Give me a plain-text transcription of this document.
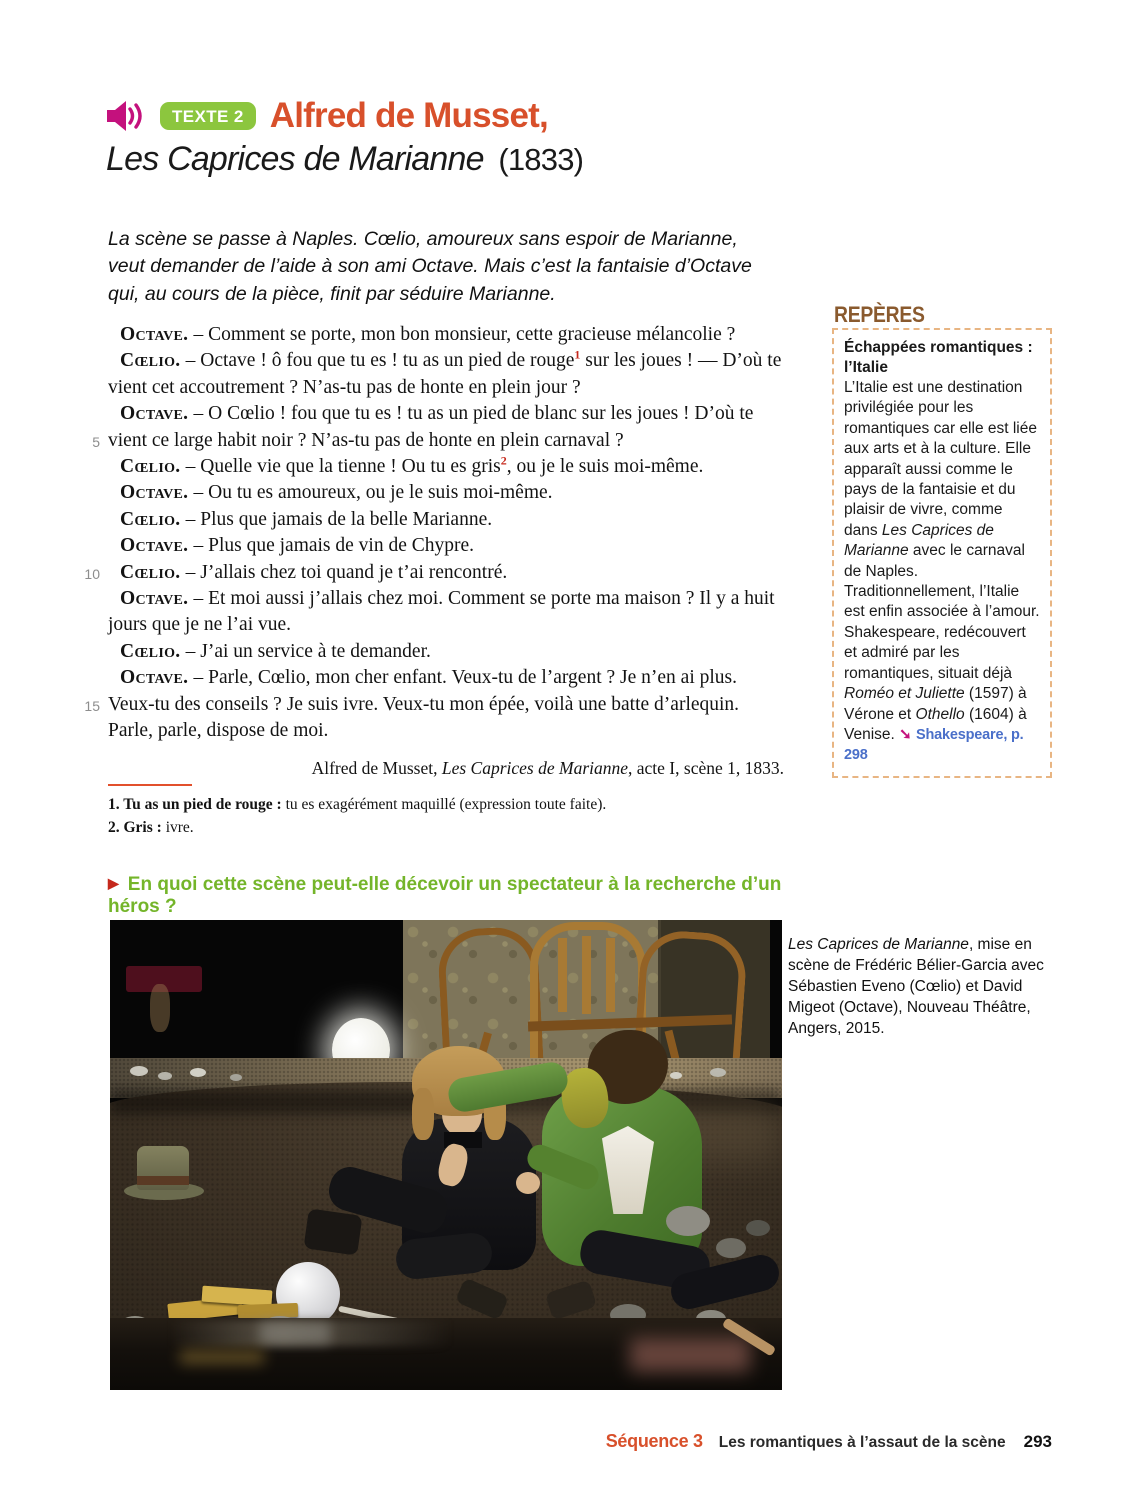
TEXTE 2 Alfred de Musset,
Les Caprices de Marianne (1833)

La scène se passe à Naples. Cœlio, amoureux sans espoir de Marianne, veut demander de l’aide à son ami Octave. Mais c’est la fantaisie d’Octave qui, au cours de la pièce, finit par séduire Marianne.

Octave. – Comment se porte, mon bon monsieur, cette gracieuse mélancolie ?

Cœlio. – Octave ! ô fou que tu es ! tu as un pied de rouge$^1$ sur les joues ! — D’où te vient cet accoutrement ? N’as-tu pas de honte en plein jour ?

Octave. – O Cœlio ! fou que tu es ! tu as un pied de blanc sur les joues ! D’où te vient ce large habit noir ? N’as-tu pas de honte en plein carnaval ?

Cœlio. – Quelle vie que la tienne ! Ou tu es gris$^2$, ou je le suis moi-même.

Octave. – Ou tu es amoureux, ou je le suis moi-même.

Cœlio. – Plus que jamais de la belle Marianne.

Octave. – Plus que jamais de vin de Chypre.

Cœlio. – J’allais chez toi quand je t’ai rencontré.

Octave. – Et moi aussi j’allais chez moi. Comment se porte ma maison ? Il y a huit jours que je ne l’ai vue.

Cœlio. – J’ai un service à te demander.

Octave. – Parle, Cœlio, mon cher enfant. Veux-tu de l’argent ? Je n’en ai plus. Veux-tu des conseils ? Je suis ivre. Veux-tu mon épée, voilà une batte d’arlequin. Parle, parle, dispose de moi.

5
10
15

Alfred de Musset, Les Caprices de Marianne, acte I, scène 1, 1833.

1. Tu as un pied de rouge : tu es exagérément maquillé (expression toute faite).

2. Gris : ivre.

▶ En quoi cette scène peut-elle décevoir un spectateur à la recherche d’un héros ?

REPÈRES

Échappées romantiques : l’Italie

L’Italie est une destination privilégiée pour les romantiques car elle est liée aux arts et à la culture. Elle apparaît aussi comme le pays de la fantaisie et du plaisir de vivre, comme dans Les Caprices de Marianne avec le carnaval de Naples. Traditionnellement, l’Italie est enfin associée à l’amour. Shakespeare, redécouvert et admiré par les romantiques, situait déjà Roméo et Juliette (1597) à Vérone et Othello (1604) à Venise. ➘ Shakespeare, p. 298

Les Caprices de Marianne, mise en scène de Frédéric Bélier-Garcia avec Sébastien Eveno (Cœlio) et David Migeot (Octave), Nouveau Théâtre, Angers, 2015.

Séquence 3 Les romantiques à l’assaut de la scène 293
